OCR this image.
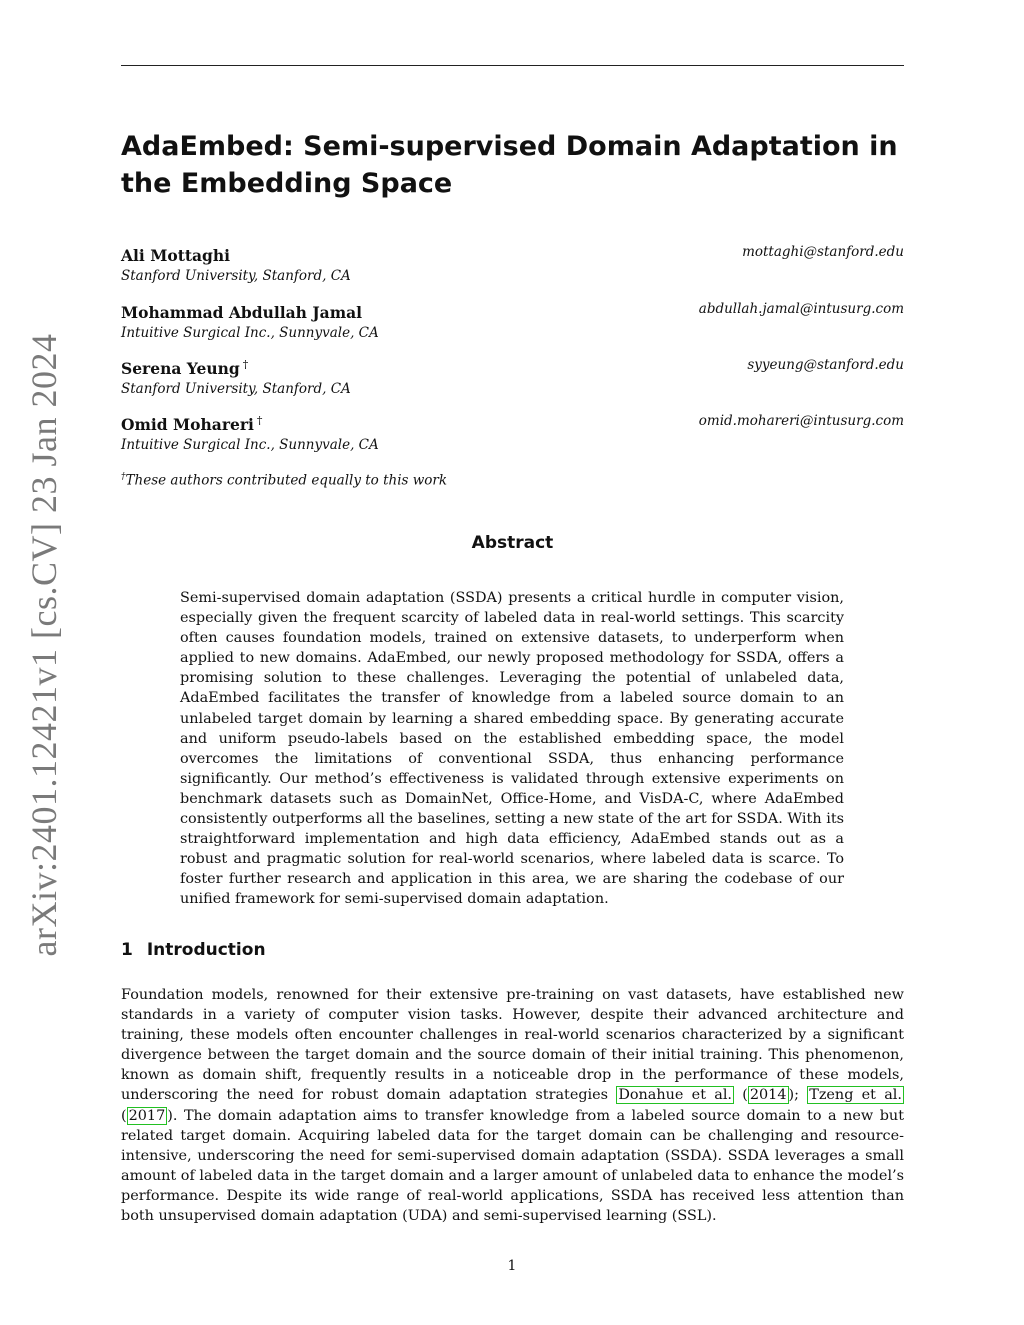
arXiv:2401.12421v1 [cs.CV] 23 Jan 2024
AdaEmbed: Semi-supervised Domain Adaptation in the Embedding Space
Ali Mottaghi
Stanford University, Stanford, CA
mottaghi@stanford.edu
Mohammad Abdullah Jamal
Intuitive Surgical Inc., Sunnyvale, CA
abdullah.jamal@intusurg.com
Serena Yeung †
Stanford University, Stanford, CA
syyeung@stanford.edu
Omid Mohareri †
Intuitive Surgical Inc., Sunnyvale, CA
omid.mohareri@intusurg.com
†These authors contributed equally to this work
Abstract

Semi-supervised domain adaptation (SSDA) presents a critical hurdle in computer vision, especially given the frequent scarcity of labeled data in real-world settings. This scarcity often causes foundation models, trained on extensive datasets, to underperform when applied to new domains. AdaEmbed, our newly proposed methodology for SSDA, offers a promising solution to these challenges. Leveraging the potential of unlabeled data, AdaEmbed facilitates the transfer of knowledge from a labeled source domain to an unlabeled target domain by learning a shared embedding space. By generating accurate and uniform pseudo-labels based on the established embedding space, the model overcomes the limitations of conventional SSDA, thus enhancing performance significantly. Our method’s effectiveness is validated through extensive experiments on benchmark datasets such as DomainNet, Office-Home, and VisDA-C, where AdaEmbed consistently outperforms all the baselines, setting a new state of the art for SSDA. With its straightforward implementation and high data efficiency, AdaEmbed stands out as a robust and pragmatic solution for real-world scenarios, where labeled data is scarce. To foster further research and application in this area, we are sharing the codebase of our unified framework for semi-supervised domain adaptation.

1 Introduction

Foundation models, renowned for their extensive pre-training on vast datasets, have established new standards in a variety of computer vision tasks. However, despite their advanced architecture and training, these models often encounter challenges in real-world scenarios characterized by a significant divergence between the target domain and the source domain of their initial training. This phenomenon, known as domain shift, frequently results in a noticeable drop in the performance of these models, underscoring the need for robust domain adaptation strategies Donahue et al. ( 2014 ); Tzeng et al. ( 2017 ). The domain adaptation aims to transfer knowledge from a labeled source domain to a new but related target domain. Acquiring labeled data for the target domain can be challenging and resource-intensive, underscoring the need for semi-supervised domain adaptation (SSDA). SSDA leverages a small amount of labeled data in the target domain and a larger amount of unlabeled data to enhance the model’s performance. Despite its wide range of real-world applications, SSDA has received less attention than both unsupervised domain adaptation (UDA) and semi-supervised learning (SSL).

1
